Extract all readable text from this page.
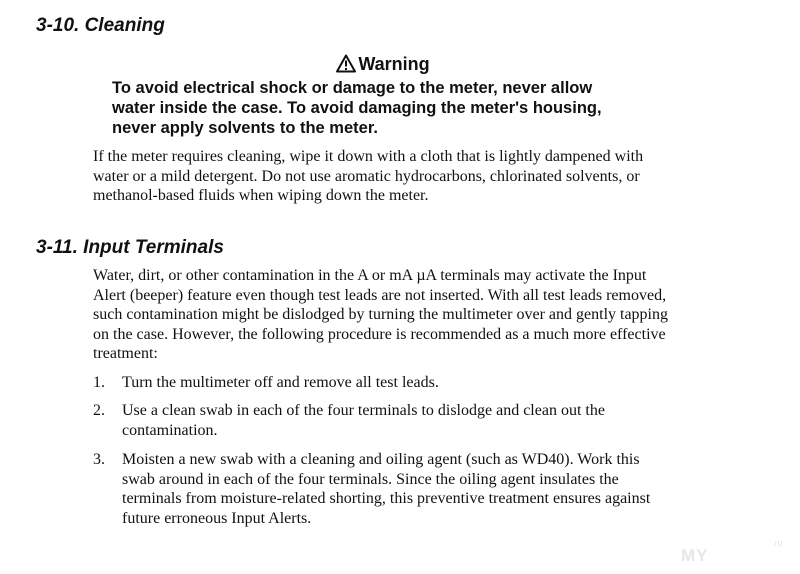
3-10. Cleaning
Warning
To avoid electrical shock or damage to the meter, never allow
water inside the case. To avoid damaging the meter's housing,
never apply solvents to the meter.
If the meter requires cleaning, wipe it down with a cloth that is lightly dampened with
water or a mild detergent. Do not use aromatic hydrocarbons, chlorinated solvents, or
methanol-based fluids when wiping down the meter.
3-11. Input Terminals
Water, dirt, or other contamination in the A or mA µA terminals may activate the Input
Alert (beeper) feature even though test leads are not inserted. With all test leads removed,
such contamination might be dislodged by turning the multimeter over and gently tapping
on the case. However, the following procedure is recommended as a much more effective
treatment:
1.	Turn the multimeter off and remove all test leads.
2.	Use a clean swab in each of the four terminals to dislodge and clean out the
contamination.
3.	Moisten a new swab with a cleaning and oiling agent (such as WD40). Work this
swab around in each of the four terminals. Since the oiling agent insulates the
terminals from moisture-related shorting, this preventive treatment ensures against
future erroneous Input Alerts.
MY
.ru
